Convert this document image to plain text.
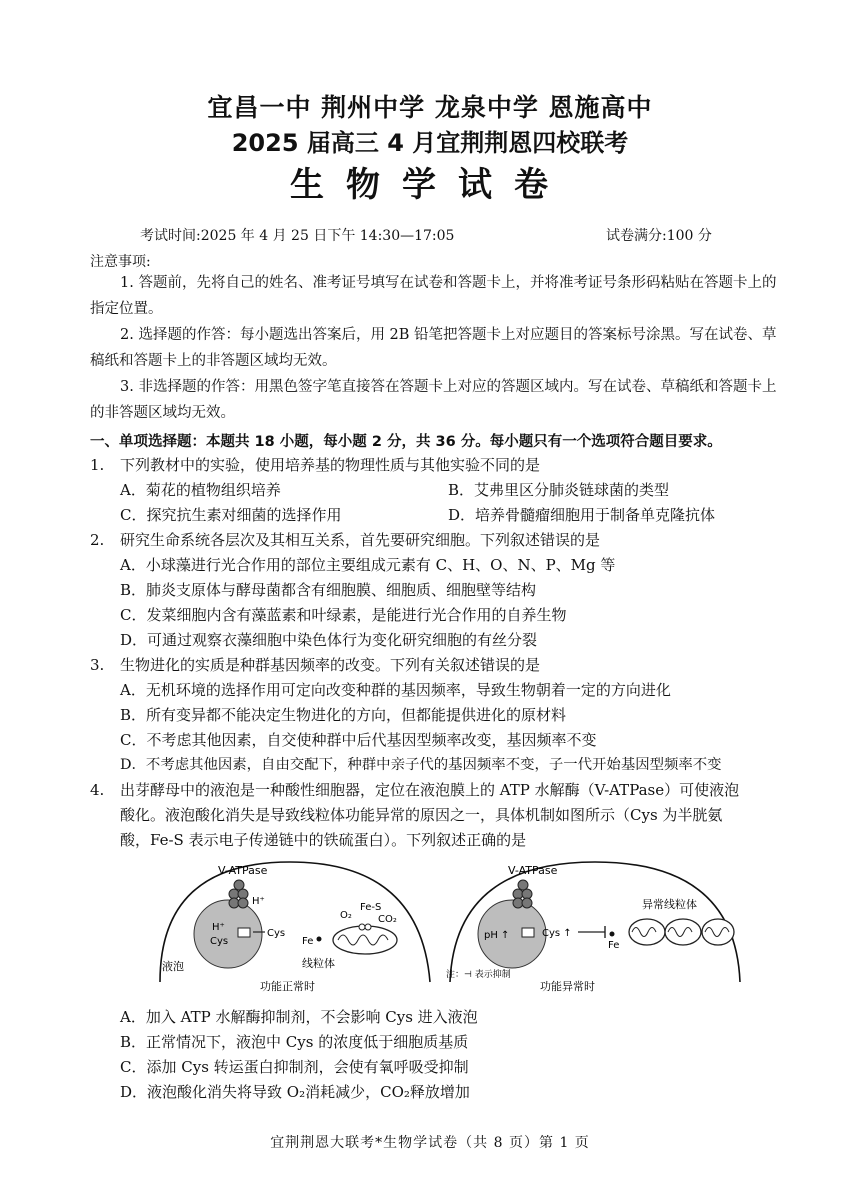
宜昌一中 荆州中学 龙泉中学 恩施高中
2025 届高三 4 月宜荆荆恩四校联考
生物学试卷
考试时间:2025 年 4 月 25 日下午 14:30—17:05	试卷满分:100 分
注意事项:
1. 答题前，先将自己的姓名、准考证号填写在试卷和答题卡上，并将准考证号条形码粘贴在答题卡上的指定位置。
2. 选择题的作答：每小题选出答案后，用 2B 铅笔把答题卡上对应题目的答案标号涂黑。写在试卷、草稿纸和答题卡上的非答题区域均无效。
3. 非选择题的作答：用黑色签字笔直接答在答题卡上对应的答题区域内。写在试卷、草稿纸和答题卡上的非答题区域均无效。
一、单项选择题：本题共 18 小题，每小题 2 分，共 36 分。每小题只有一个选项符合题目要求。
1. 下列教材中的实验，使用培养基的物理性质与其他实验不同的是
A．菊花的植物组织培养	B．艾弗里区分肺炎链球菌的类型
C．探究抗生素对细菌的选择作用	D．培养骨髓瘤细胞用于制备单克隆抗体
2. 研究生命系统各层次及其相互关系，首先要研究细胞。下列叙述错误的是
A．小球藻进行光合作用的部位主要组成元素有 C、H、O、N、P、Mg 等
B．肺炎支原体与酵母菌都含有细胞膜、细胞质、细胞壁等结构
C．发菜细胞内含有藻蓝素和叶绿素，是能进行光合作用的自养生物
D．可通过观察衣藻细胞中染色体行为变化研究细胞的有丝分裂
3. 生物进化的实质是种群基因频率的改变。下列有关叙述错误的是
A．无机环境的选择作用可定向改变种群的基因频率，导致生物朝着一定的方向进化
B．所有变异都不能决定生物进化的方向，但都能提供进化的原材料
C．不考虑其他因素，自交使种群中后代基因型频率改变，基因频率不变
D．不考虑其他因素，自由交配下，种群中亲子代的基因频率不变，子一代开始基因型频率不变
4. 出芽酵母中的液泡是一种酸性细胞器，定位在液泡膜上的 ATP 水解酶（V-ATPase）可使液泡
酸化。液泡酸化消失是导致线粒体功能异常的原因之一，具体机制如图所示（Cys 为半胱氨
酸，Fe-S 表示电子传递链中的铁硫蛋白）。下列叙述正确的是
V-ATPase
H⁺
H⁺
Cys
Cys
Fe
O₂
Fe-S
CO₂
液泡	线粒体
功能正常时
V-ATPase
pH ↑	Cys ↑
Fe
异常线粒体
注：⊣ 表示抑制
功能异常时
A．加入 ATP 水解酶抑制剂，不会影响 Cys 进入液泡
B．正常情况下，液泡中 Cys 的浓度低于细胞质基质
C．添加 Cys 转运蛋白抑制剂，会使有氧呼吸受抑制
D．液泡酸化消失将导致 O₂消耗减少，CO₂释放增加
宜荆荆恩大联考*生物学试卷（共 8 页）第 1 页
